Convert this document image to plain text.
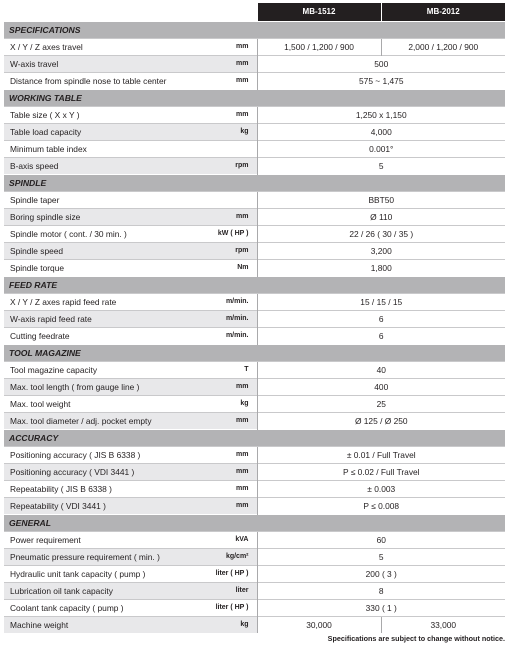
		MB-1512	MB-2012
SPECIFICATIONS			
X / Y / Z axes travel	mm	1,500 / 1,200 / 900	2,000 / 1,200 / 900
W-axis travel	mm	500	
Distance from spindle nose to table center	mm	575 ~ 1,475	
WORKING TABLE			
Table size ( X x Y )	mm	1,250 x 1,150	
Table load capacity	kg	4,000	
Minimum table index		0.001°	
B-axis speed	rpm	5	
SPINDLE			
Spindle taper		BBT50	
Boring spindle size	mm	Ø 110	
Spindle motor ( cont. / 30 min. )	kW ( HP )	22 / 26 ( 30 / 35 )	
Spindle speed	rpm	3,200	
Spindle torque	Nm	1,800	
FEED RATE			
X / Y / Z axes rapid feed rate	m/min.	15 / 15 / 15	
W-axis rapid feed rate	m/min.	6	
Cutting feedrate	m/min.	6	
TOOL MAGAZINE			
Tool magazine capacity	T	40	
Max. tool length ( from gauge line )	mm	400	
Max. tool weight	kg	25	
Max. tool diameter / adj. pocket empty	mm	Ø 125 / Ø 250	
ACCURACY			
Positioning accuracy ( JIS B 6338 )	mm	± 0.01 / Full Travel	
Positioning accuracy ( VDI 3441 )	mm	P ≤ 0.02 / Full Travel	
Repeatability ( JIS B 6338 )	mm	± 0.003	
Repeatability ( VDI 3441 )	mm	P ≤ 0.008	
GENERAL			
Power requirement	kVA	60	
Pneumatic pressure requirement ( min. )	kg/cm²	5	
Hydraulic unit tank capacity ( pump )	liter ( HP )	200 ( 3 )	
Lubrication oil tank capacity	liter	8	
Coolant tank capacity ( pump )	liter ( HP )	330 ( 1 )	
Machine weight	kg	30,000	33,000
Specifications are subject to change without notice.
